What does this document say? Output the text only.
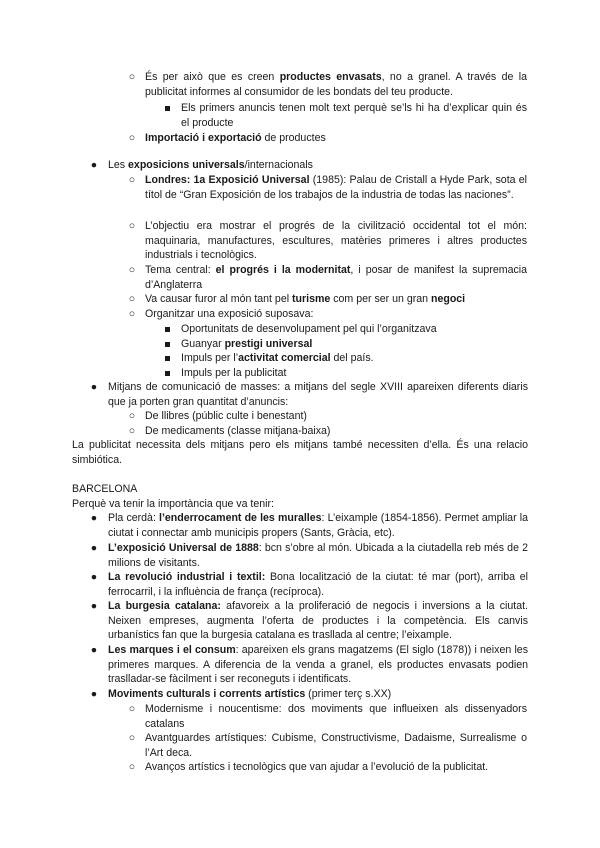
○ És per això que es creen productes envasats, no a granel. A través de la publicitat informes al consumidor de les bondats del teu producte.
Els primers anuncis tenen molt text perquè se’ls hi ha d’explicar quin és el producte
○ Importació i exportació de productes
● Les exposicions universals/internacionals
○ Londres: 1a Exposició Universal (1985): Palau de Cristall a Hyde Park, sota el títol de “Gran Exposición de los trabajos de la industria de todas las naciones”.
○ L’objectiu era mostrar el progrés de la civilització occidental tot el món: maquinaria, manufactures, escultures, matèries primeres i altres productes industrials i tecnològics.
○ Tema central: el progrés i la modernitat, i posar de manifest la supremacia d’Anglaterra
○ Va causar furor al món tant pel turisme com per ser un gran negoci
○ Organitzar una exposició suposava:
Oportunitats de desenvolupament pel qui l’organitzava
Guanyar prestigi universal
Impuls per l’activitat comercial del país.
Impuls per la publicitat
● Mitjans de comunicació de masses: a mitjans del segle XVIII apareixen diferents diaris que ja porten gran quantitat d’anuncis:
○ De llibres (públic culte i benestant)
○ De medicaments (classe mitjana-baixa)
La publicitat necessita dels mitjans pero els mitjans també necessiten d’ella. És una relacio simbiótica.
BARCELONA
Perquè va tenir la importància que va tenir:
● Pla cerdà: l’enderrocament de les muralles: L’eixample (1854-1856). Permet ampliar la ciutat i connectar amb municipis propers (Sants, Gràcia, etc).
● L’exposició Universal de 1888: bcn s’obre al món. Ubicada a la ciutadella reb més de 2 milions de visitants.
● La revolució industrial i textil: Bona localització de la ciutat: té mar (port), arriba el ferrocarril, i la influència de frança (recíproca).
● La burgesia catalana: afavoreix a la proliferació de negocis i inversions a la ciutat. Neixen empreses, augmenta l’oferta de productes i la competència. Els canvis urbanístics fan que la burgesia catalana es trasllada al centre; l’eixample.
● Les marques i el consum: apareixen els grans magatzems (El siglo (1878)) i neixen les primeres marques. A diferencia de la venda a granel, els productes envasats podien traslladar-se fàcilment i ser reconeguts i identificats.
● Moviments culturals i corrents artístics (primer terç s.XX)
○ Modernisme i noucentisme: dos moviments que influeixen als dissenyadors catalans
○ Avantguardes artístiques: Cubisme, Constructivisme, Dadaisme, Surrealisme o l’Art deca.
○ Avanços artístics i tecnològics que van ajudar a l’evolució de la publicitat.
